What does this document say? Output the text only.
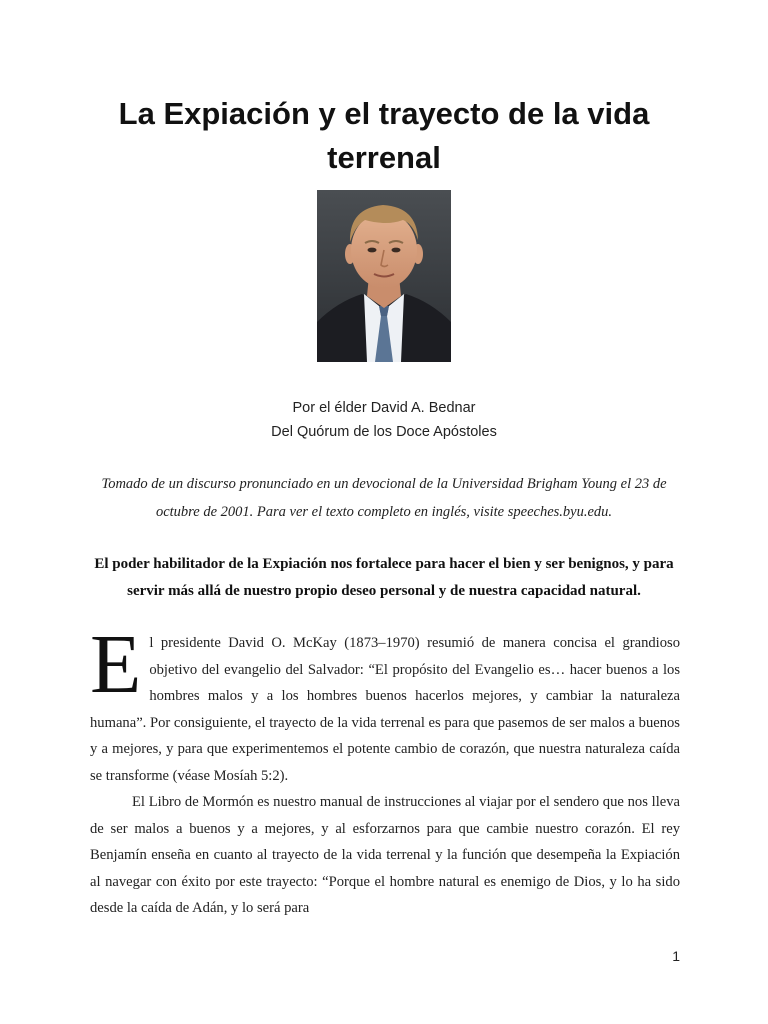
La Expiación y el trayecto de la vida terrenal
Por el élder David A. Bednar
Del Quórum de los Doce Apóstoles
Tomado de un discurso pronunciado en un devocional de la Universidad Brigham Young el 23 de octubre de 2001. Para ver el texto completo en inglés, visite speeches.byu.edu.
El poder habilitador de la Expiación nos fortalece para hacer el bien y ser benignos, y para servir más allá de nuestro propio deseo personal y de nuestra capacidad natural.

El presidente David O. McKay (1873–1970) resumió de manera concisa el grandioso objetivo del evangelio del Salvador: “El propósito del Evangelio es… hacer buenos a los hombres malos y a los hombres buenos hacerlos mejores, y cambiar la naturaleza humana”. Por consiguiente, el trayecto de la vida terrenal es para que pasemos de ser malos a buenos y a mejores, y para que experimentemos el potente cambio de corazón, que nuestra naturaleza caída se transforme (véase Mosíah 5:2).

El Libro de Mormón es nuestro manual de instrucciones al viajar por el sendero que nos lleva de ser malos a buenos y a mejores, y al esforzarnos para que cambie nuestro corazón. El rey Benjamín enseña en cuanto al trayecto de la vida terrenal y la función que desempeña la Expiación al navegar con éxito por este trayecto: “Porque el hombre natural es enemigo de Dios, y lo ha sido desde la caída de Adán, y lo será para

1
